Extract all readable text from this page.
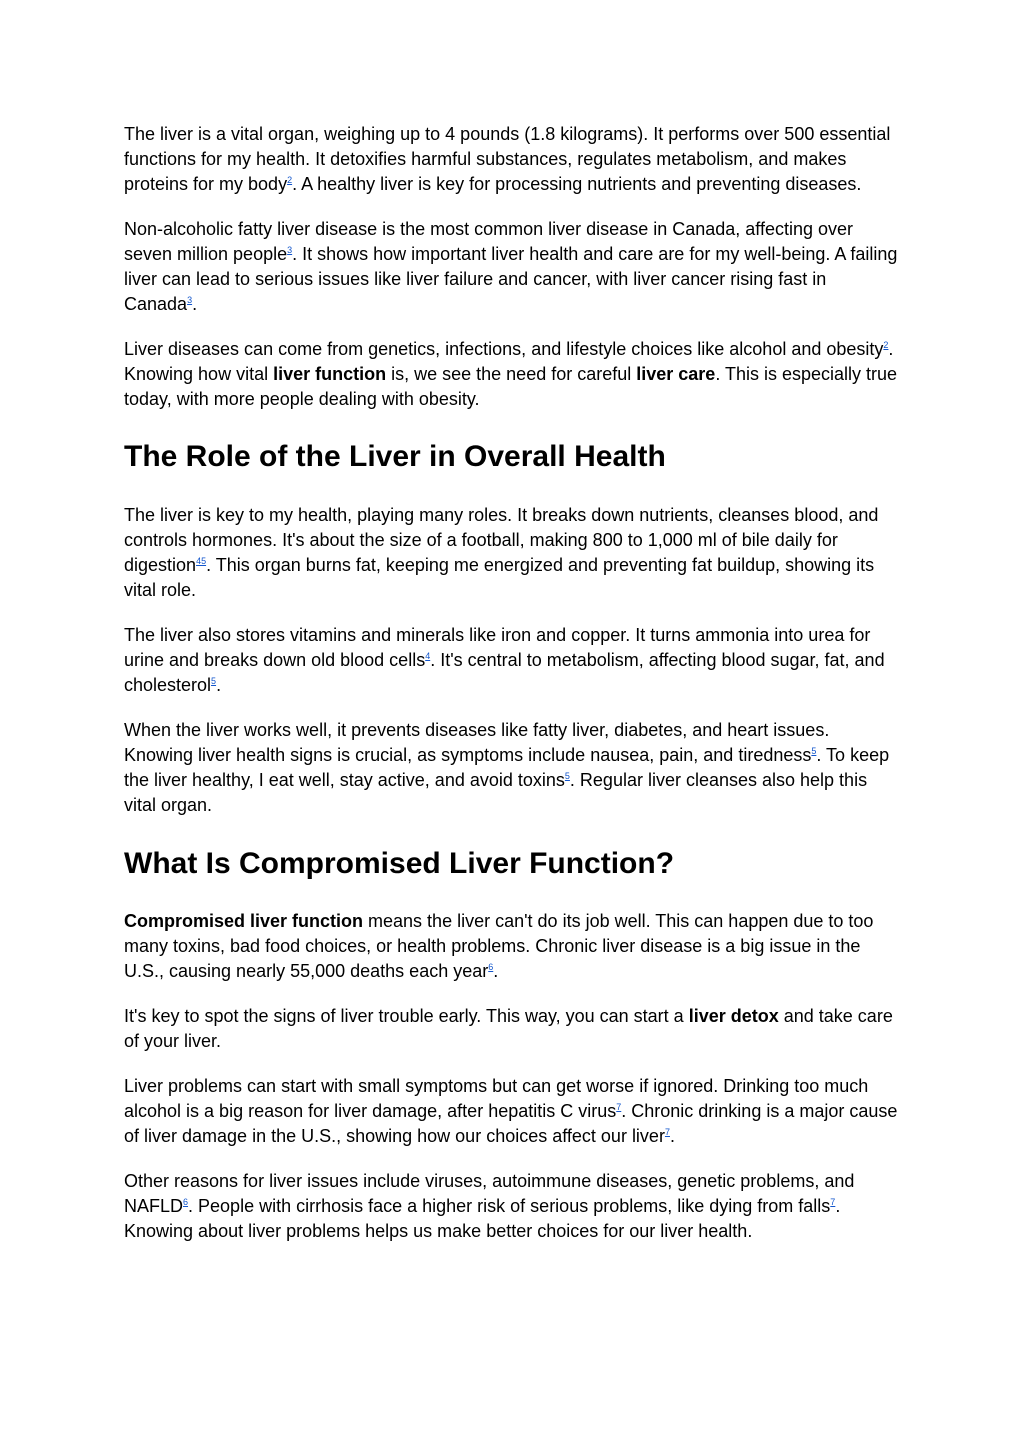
The liver is a vital organ, weighing up to 4 pounds (1.8 kilograms). It performs over 500 essential functions for my health. It detoxifies harmful substances, regulates metabolism, and makes proteins for my body$^2$. A healthy liver is key for processing nutrients and preventing diseases.

Non-alcoholic fatty liver disease is the most common liver disease in Canada, affecting over seven million people$^3$. It shows how important liver health and care are for my well-being. A failing liver can lead to serious issues like liver failure and cancer, with liver cancer rising fast in Canada$^3$.

Liver diseases can come from genetics, infections, and lifestyle choices like alcohol and obesity$^2$. Knowing how vital liver function is, we see the need for careful liver care. This is especially true today, with more people dealing with obesity.

The Role of the Liver in Overall Health

The liver is key to my health, playing many roles. It breaks down nutrients, cleanses blood, and controls hormones. It's about the size of a football, making 800 to 1,000 ml of bile daily for digestion$^{45}$. This organ burns fat, keeping me energized and preventing fat buildup, showing its vital role.

The liver also stores vitamins and minerals like iron and copper. It turns ammonia into urea for urine and breaks down old blood cells$^4$. It's central to metabolism, affecting blood sugar, fat, and cholesterol$^5$.

When the liver works well, it prevents diseases like fatty liver, diabetes, and heart issues. Knowing liver health signs is crucial, as symptoms include nausea, pain, and tiredness$^5$. To keep the liver healthy, I eat well, stay active, and avoid toxins$^5$. Regular liver cleanses also help this vital organ.

What Is Compromised Liver Function?

Compromised liver function means the liver can't do its job well. This can happen due to too many toxins, bad food choices, or health problems. Chronic liver disease is a big issue in the U.S., causing nearly 55,000 deaths each year$^6$.

It's key to spot the signs of liver trouble early. This way, you can start a liver detox and take care of your liver.

Liver problems can start with small symptoms but can get worse if ignored. Drinking too much alcohol is a big reason for liver damage, after hepatitis C virus$^7$. Chronic drinking is a major cause of liver damage in the U.S., showing how our choices affect our liver$^7$.

Other reasons for liver issues include viruses, autoimmune diseases, genetic problems, and NAFLD$^6$. People with cirrhosis face a higher risk of serious problems, like dying from falls$^7$. Knowing about liver problems helps us make better choices for our liver health.
